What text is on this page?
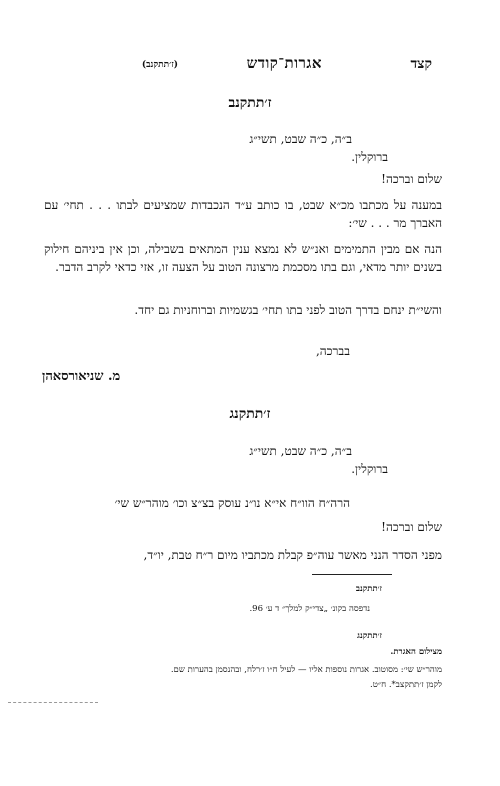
קצד
אגרות־קודש
(ז׳תתקנב)
ז׳תתקנב
ב״ה, כ״ה שבט, תשי״ג
ברוקלין.
שלום וברכה!
במענה על מכתבו מכ״א שבט, בו כותב ע״ד הנכבדות שמציעים לבתו . . . תחי׳ עם האברך מר . . . שי׳:
הנה אם מבין התמימים ואנ״ש לא נמצא ענין המתאים בשבילה, וכן אין ביניהם חילוק בשנים יותר מדאי, וגם בתו מסכמת מרצונה הטוב על הצעה זו, אזי כדאי לקרב הדבר.
והשי״ת ינחם בדרך הטוב לפני בתו תחי׳ בגשמיות וברוחניות גם יחד.
בברכה,
מ. שניאורסאהן
ז׳תתקנג
ב״ה, כ״ה שבט, תשי״ג
ברוקלין.
הרה״ח הוו״ח אי״א נו״נ עוסק בצ״צ וכו׳ מוהר״ש שי׳
שלום וברכה!
מפני הסדר הנני מאשר עוה״פ קבלת מכתביו מיום ר״ח טבת, יו״ד,
ז׳תתקנב
נדפסה בקונ׳ „צדי״ק למלך״ ד ע׳ 96.
ז׳תתקנג
מצילום האגרת.
מוהר״ש שי׳: מסוטוב. אגרות נוספות אליו — לעיל ח״ו ז׳רלח, ובהנסמן בהערות שם.
לקמן ז׳תתקצב*. ח״ט.
